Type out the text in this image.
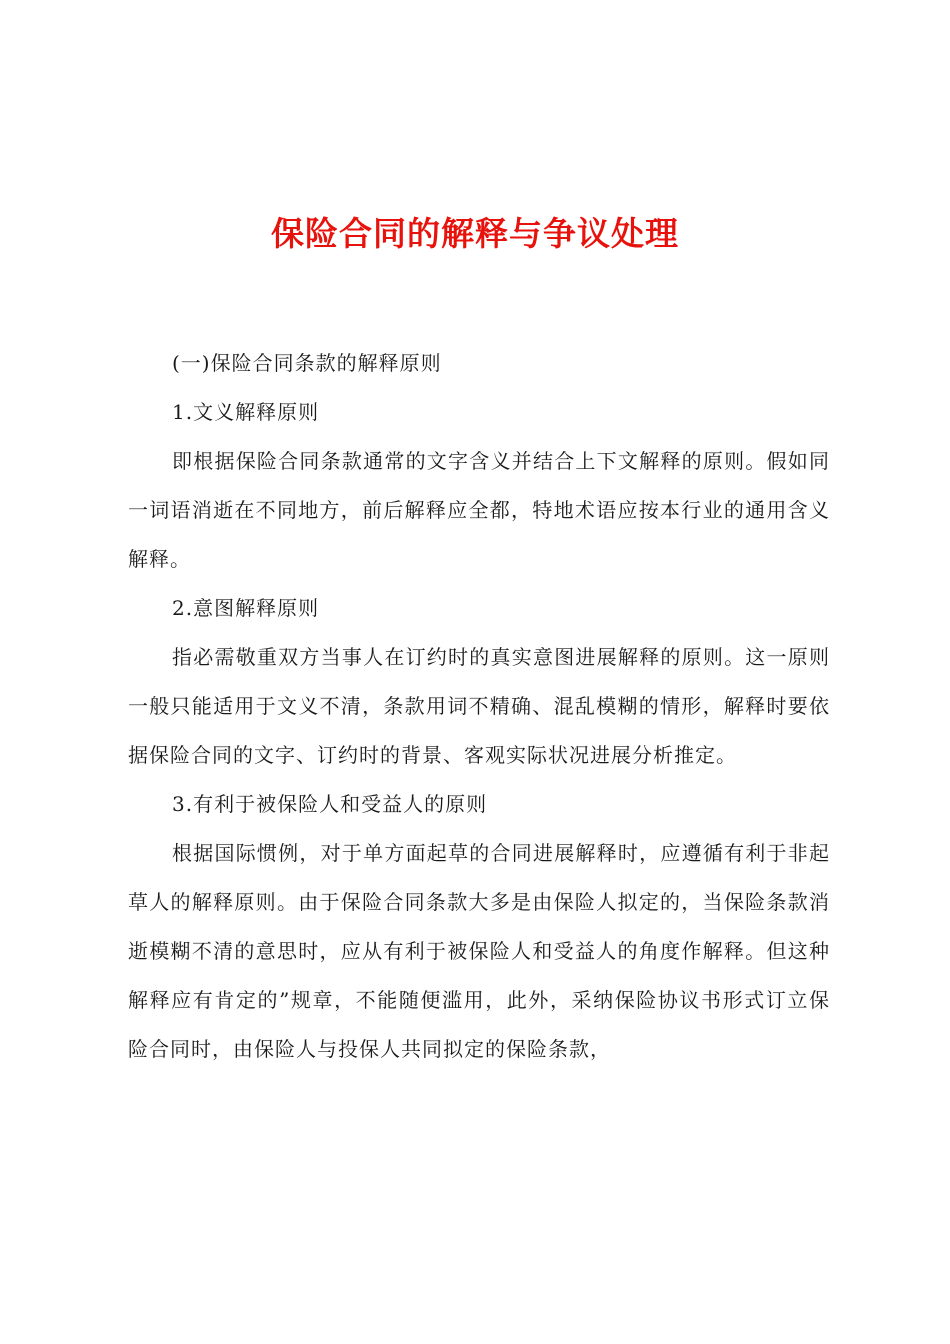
保险合同的解释与争议处理

(一)保险合同条款的解释原则

1.文义解释原则

即根据保险合同条款通常的文字含义并结合上下文解释的原则。假如同一词语消逝在不同地方，前后解释应全都，特地术语应按本行业的通用含义解释。

2.意图解释原则

指必需敬重双方当事人在订约时的真实意图进展解释的原则。这一原则一般只能适用于文义不清，条款用词不精确、混乱模糊的情形，解释时要依据保险合同的文字、订约时的背景、客观实际状况进展分析推定。

3.有利于被保险人和受益人的原则

根据国际惯例，对于单方面起草的合同进展解释时，应遵循有利于非起草人的解释原则。由于保险合同条款大多是由保险人拟定的，当保险条款消逝模糊不清的意思时，应从有利于被保险人和受益人的角度作解释。但这种解释应有肯定的”规章，不能随便滥用，此外，采纳保险协议书形式订立保险合同时，由保险人与投保人共同拟定的保险条款，
